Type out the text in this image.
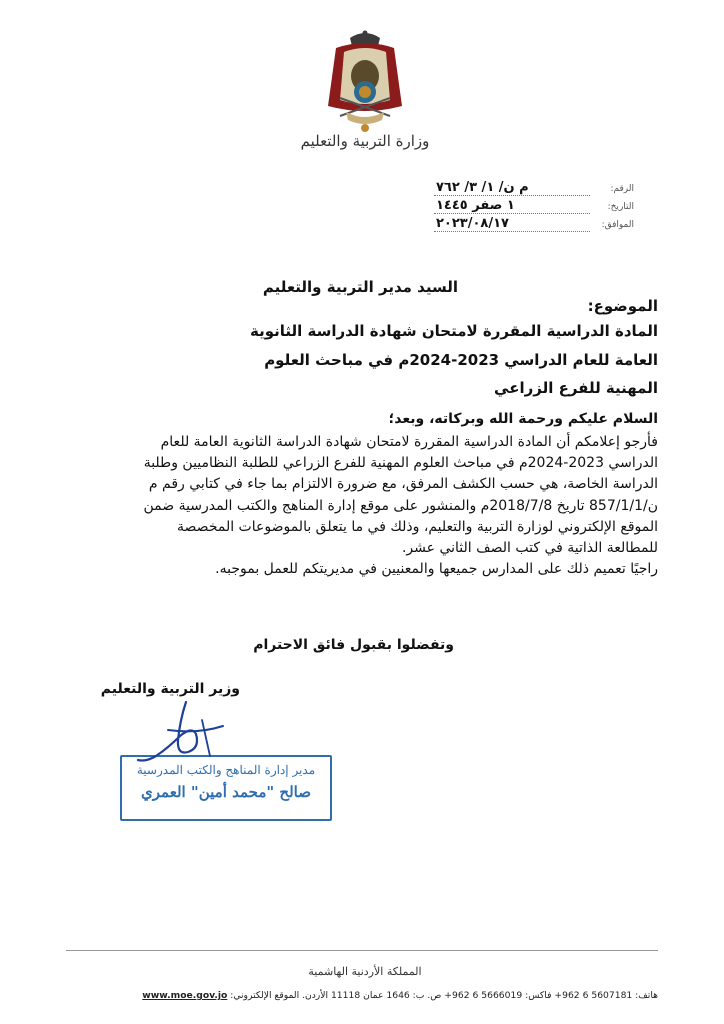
وزارة التربية والتعليم
الرقم:
م ن/ ١/ ٣/ ٧٦٢
التاريخ:
١ صفر ١٤٤٥
الموافق:
٢٠٢٣/٠٨/١٧
السيد مدير التربية والتعليم
الموضوع:
المادة الدراسية المقررة لامتحان شهادة الدراسة الثانوية
العامة للعام الدراسي 2023-2024م في مباحث العلوم
المهنية للفرع الزراعي
السلام عليكم ورحمة الله وبركاته، وبعد؛
فأرجو إعلامكم أن المادة الدراسية المقررة لامتحان شهادة الدراسة الثانوية العامة للعام
الدراسي 2023-2024م في مباحث العلوم المهنية للفرع الزراعي للطلبة النظاميين وطلبة
الدراسة الخاصة، هي حسب الكشف المرفق، مع ضرورة الالتزام بما جاء في كتابي رقم م
ن/857/1/1 تاريخ 2018/7/8م والمنشور على موقع إدارة المناهج والكتب المدرسية ضمن
الموقع الإلكتروني لوزارة التربية والتعليم، وذلك في ما يتعلق بالموضوعات المخصصة
للمطالعة الذاتية في كتب الصف الثاني عشر.
راجيًا تعميم ذلك على المدارس جميعها والمعنيين في مديريتكم للعمل بموجبه.
وتفضلوا بقبول فائق الاحترام
وزير التربية والتعليم
مدير إدارة المناهج والكتب المدرسية
صالح "محمد أمين" العمري
المملكة الأردنية الهاشمية
هاتف: 5607181 6 962+ فاكس: 5666019 6 962+ ص. ب: 1646 عمان 11118 الأردن. الموقع الإلكتروني: www.moe.gov.jo
